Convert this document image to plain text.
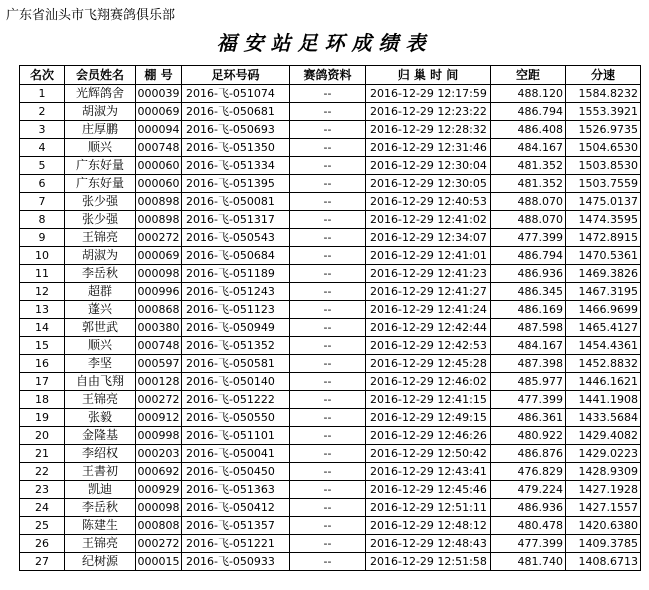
广东省汕头市飞翔赛鸽俱乐部
福安站足环成绩表
名次	会员姓名	棚 号	足环号码	赛鸽资料	归 巢 时 间	空距	分速
1	光辉鸽舍	000039	2016-飞-051074	--	2016-12-29 12:17:59	488.120	1584.8232
2	胡淑为	000069	2016-飞-050681	--	2016-12-29 12:23:22	486.794	1553.3921
3	庄厚鹏	000094	2016-飞-050693	--	2016-12-29 12:28:32	486.408	1526.9735
4	顺兴	000748	2016-飞-051350	--	2016-12-29 12:31:46	484.167	1504.6530
5	广东好量	000060	2016-飞-051334	--	2016-12-29 12:30:04	481.352	1503.8530
6	广东好量	000060	2016-飞-051395	--	2016-12-29 12:30:05	481.352	1503.7559
7	张少强	000898	2016-飞-050081	--	2016-12-29 12:40:53	488.070	1475.0137
8	张少强	000898	2016-飞-051317	--	2016-12-29 12:41:02	488.070	1474.3595
9	王锦亮	000272	2016-飞-050543	--	2016-12-29 12:34:07	477.399	1472.8915
10	胡淑为	000069	2016-飞-050684	--	2016-12-29 12:41:01	486.794	1470.5361
11	李岳秋	000098	2016-飞-051189	--	2016-12-29 12:41:23	486.936	1469.3826
12	超群	000996	2016-飞-051243	--	2016-12-29 12:41:27	486.345	1467.3195
13	蓬兴	000868	2016-飞-051123	--	2016-12-29 12:41:24	486.169	1466.9699
14	郭世武	000380	2016-飞-050949	--	2016-12-29 12:42:44	487.598	1465.4127
15	顺兴	000748	2016-飞-051352	--	2016-12-29 12:42:53	484.167	1454.4361
16	李坚	000597	2016-飞-050581	--	2016-12-29 12:45:28	487.398	1452.8832
17	自由飞翔	000128	2016-飞-050140	--	2016-12-29 12:46:02	485.977	1446.1621
18	王锦亮	000272	2016-飞-051222	--	2016-12-29 12:41:15	477.399	1441.1908
19	张毅	000912	2016-飞-050550	--	2016-12-29 12:49:15	486.361	1433.5684
20	金隆基	000998	2016-飞-051101	--	2016-12-29 12:46:26	480.922	1429.4082
21	李绍权	000203	2016-飞-050041	--	2016-12-29 12:50:42	486.876	1429.0223
22	王書初	000692	2016-飞-050450	--	2016-12-29 12:43:41	476.829	1428.9309
23	凯迪	000929	2016-飞-051363	--	2016-12-29 12:45:46	479.224	1427.1928
24	李岳秋	000098	2016-飞-050412	--	2016-12-29 12:51:11	486.936	1427.1557
25	陈建生	000808	2016-飞-051357	--	2016-12-29 12:48:12	480.478	1420.6380
26	王锦亮	000272	2016-飞-051221	--	2016-12-29 12:48:43	477.399	1409.3785
27	纪树源	000015	2016-飞-050933	--	2016-12-29 12:51:58	481.740	1408.6713
